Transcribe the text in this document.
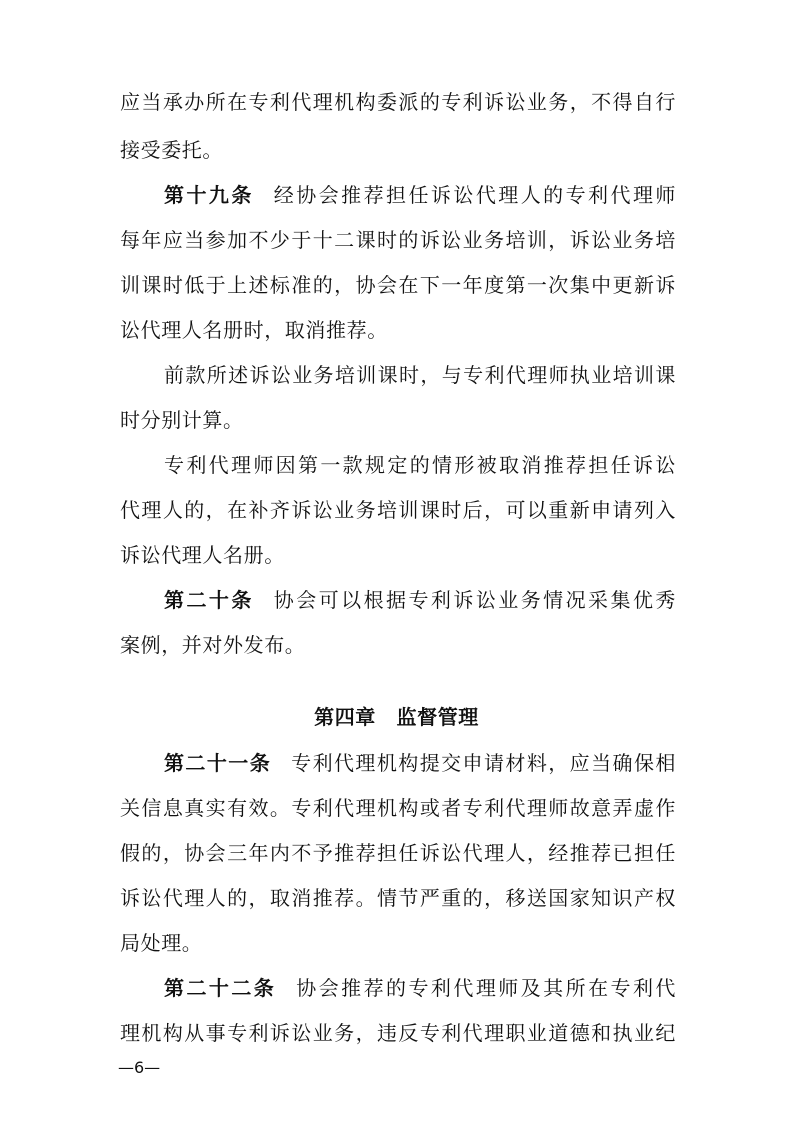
应当承办所在专利代理机构委派的专利诉讼业务，不得自行
接受委托。
第十九条 经协会推荐担任诉讼代理人的专利代理师
每年应当参加不少于十二课时的诉讼业务培训，诉讼业务培
训课时低于上述标准的，协会在下一年度第一次集中更新诉
讼代理人名册时，取消推荐。
前款所述诉讼业务培训课时，与专利代理师执业培训课
时分别计算。
专利代理师因第一款规定的情形被取消推荐担任诉讼
代理人的，在补齐诉讼业务培训课时后，可以重新申请列入
诉讼代理人名册。
第二十条 协会可以根据专利诉讼业务情况采集优秀
案例，并对外发布。
第四章　监督管理
第二十一条 专利代理机构提交申请材料，应当确保相
关信息真实有效。专利代理机构或者专利代理师故意弄虚作
假的，协会三年内不予推荐担任诉讼代理人，经推荐已担任
诉讼代理人的，取消推荐。情节严重的，移送国家知识产权
局处理。
第二十二条 协会推荐的专利代理师及其所在专利代
理机构从事专利诉讼业务，违反专利代理职业道德和执业纪
—6—
